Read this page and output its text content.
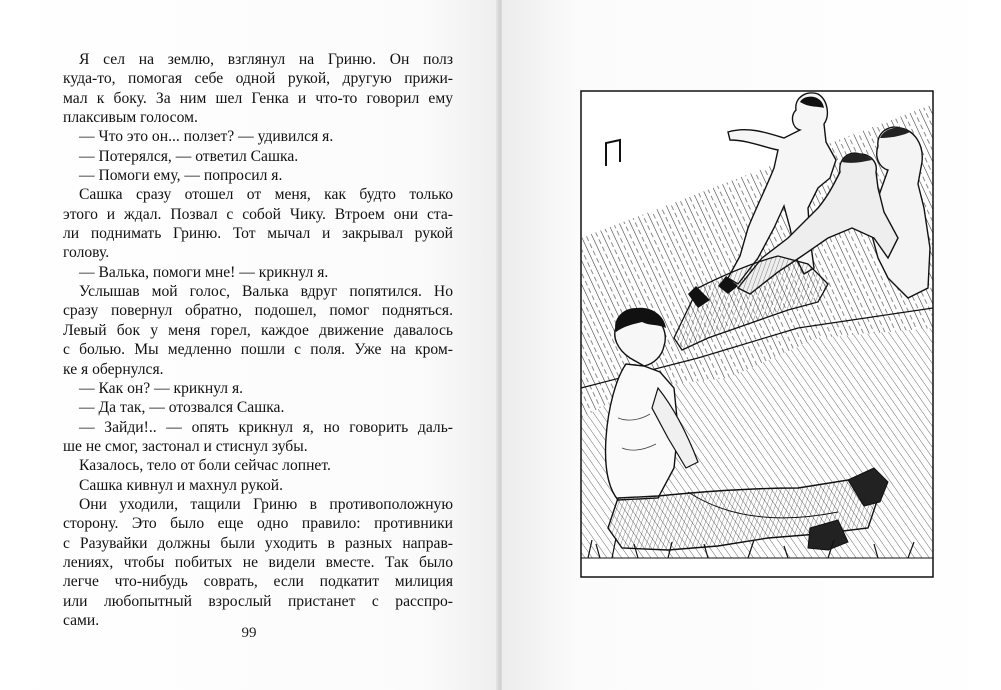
Я сел на землю, взглянул на Гриню. Он полз
куда-то, помогая себе одной рукой, другую прижи-
мал к боку. За ним шел Генка и что-то говорил ему
плаксивым голосом.
— Что это он... ползет? — удивился я.
— Потерялся, — ответил Сашка.
— Помоги ему, — попросил я.
Сашка сразу отошел от меня, как будто только
этого и ждал. Позвал с собой Чику. Втроем они ста-
ли поднимать Гриню. Тот мычал и закрывал рукой
голову.
— Валька, помоги мне! — крикнул я.
Услышав мой голос, Валька вдруг попятился. Но
сразу повернул обратно, подошел, помог подняться.
Левый бок у меня горел, каждое движение давалось
с болью. Мы медленно пошли с поля. Уже на кром-
ке я обернулся.
— Как он? — крикнул я.
— Да так, — отозвался Сашка.
— Зайди!.. — опять крикнул я, но говорить даль-
ше не смог, застонал и стиснул зубы.
Казалось, тело от боли сейчас лопнет.
Сашка кивнул и махнул рукой.
Они уходили, тащили Гриню в противоположную
сторону. Это было еще одно правило: противники
с Разувайки должны были уходить в разных направ-
лениях, чтобы побитых не видели вместе. Так было
легче что-нибудь соврать, если подкатит милиция
или любопытный взрослый пристанет с расспро-
сами.
99
